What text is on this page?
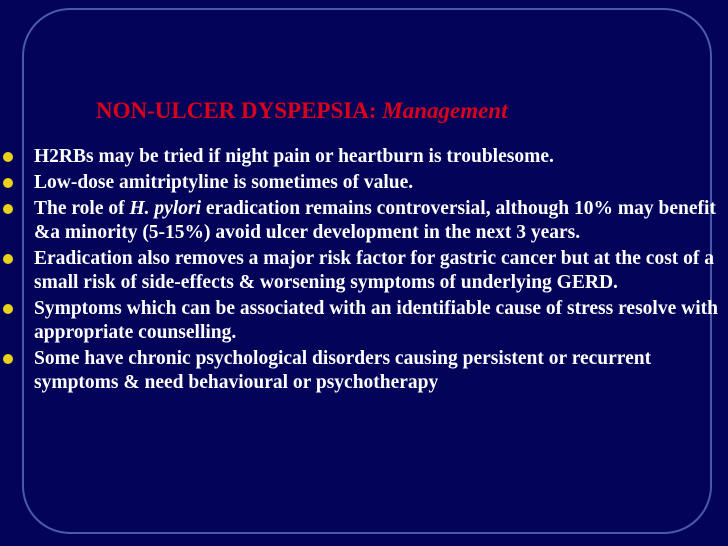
NON-ULCER DYSPEPSIA: Management
H2RBs may be tried if night pain or heartburn is troublesome.
Low-dose amitriptyline is sometimes of value.
The role of H. pylori eradication remains controversial, although 10% may benefit &a minority (5-15%) avoid ulcer development in the next 3 years.
Eradication also removes a major risk factor for gastric cancer but at the cost of a small risk of side-effects & worsening symptoms of underlying GERD.
Symptoms which can be associated with an identifiable cause of stress resolve with appropriate counselling.
Some have chronic psychological disorders causing persistent or recurrent symptoms & need behavioural or psychotherapy
